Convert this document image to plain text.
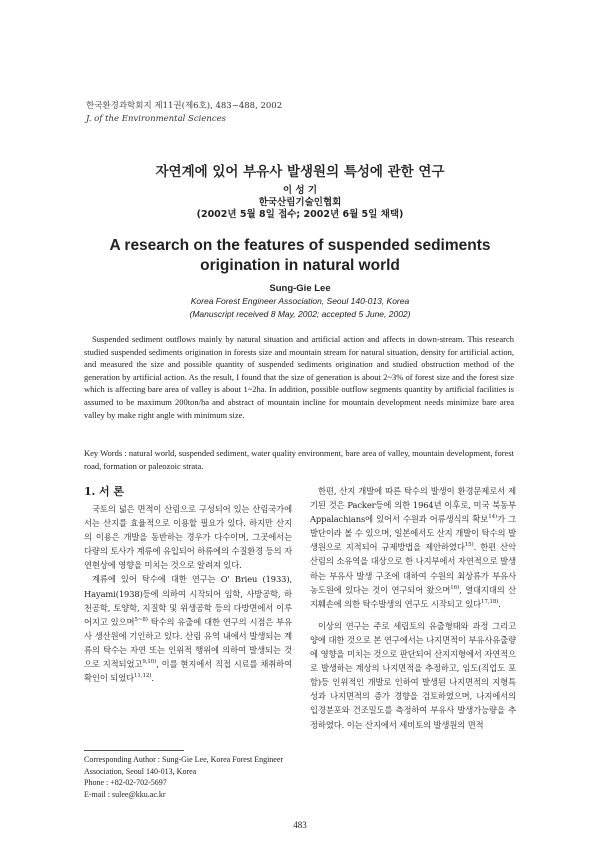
한국환경과학회지 제11권(제6호), 483~488, 2002
J. of the Environmental Sciences
자연계에 있어 부유사 발생원의 특성에 관한 연구
이 성 기
한국산림기술인협회
(2002년 5월 8일 접수; 2002년 6월 5일 채택)
A research on the features of suspended sediments
origination in natural world
Sung-Gie Lee
Korea Forest Engineer Association, Seoul 140-013, Korea
(Manuscript received 8 May, 2002; accepted 5 June, 2002)
Suspended sediment outflows mainly by natural situation and artificial action and affects in down-stream. This research studied suspended sediments origination in forests size and mountain stream for natural situation, density for artificial action, and measured the size and possible quantity of suspended sediments origination and studied obstruction method of the generation by artificial action. As the result, I found that the size of generation is about 2~3% of forest size and the forest size which is affecting bare area of valley is about 1~2ha. In addition, possible outflow segments quantity by artificial facilities is assumed to be maximum 200ton/ha and abstract of mountain incline for mountain development needs minimize bare area valley by make right angle with minimum size.
Key Words : natural world, suspended sediment, water quality environment, bare area of valley, mountain development, forest road, formation or paleozoic strata.
1. 서 론

국토의 넓은 면적이 산림으로 구성되어 있는 산림국가에서는 산지를 효율적으로 이용할 필요가 있다. 하지만 산지의 이용은 개발을 동반하는 경우가 다수이며, 그곳에서는 다량의 토사가 계류에 유입되어 하류에의 수질환경 등의 자연현상에 영향을 미치는 것으로 알려져 있다.

계류에 있어 탁수에 대한 연구는 O' Brieu (1933), Hayami(1938)등에 의하여 시작되어 임학, 사방공학, 하천공학, 토양학, 지질학 및 위생공학 등의 다방면에서 이루어지고 있으며$^{5\sim 8)}$ 탁수의 유출에 대한 연구의 시점은 부유사 생산원에 기인하고 있다. 산림 유역 내에서 발생되는 계류의 탁수는 자연 또는 인위적 행위에 의하여 발생되는 것으로 지적되었고$^{9,10)}$, 이를 현지에서 직접 시료를 채취하여 확인이 되었다$^{11,12)}$.

한편, 산지 개발에 따른 탁수의 발생이 환경문제로서 제기된 것은 Packer등에 의한 1964년 이후로, 미국 북동부 Appalachians에 있어서 수원과 어류생식의 확보$^{14)}$가 그 발단이라 볼 수 있으며, 일본에서도 산지 개발이 탁수의 발생원으로 지적되어 규제방법을 제안하였다$^{15)}$. 한편 산악산림의 소유역을 대상으로 한 나지부에서 자연적으로 발생하는 부유사 발생 구조에 대하여 수원의 최상류가 부유사농도원에 있다는 것이 연구되어 왔으며$^{16)}$, 열대지대의 산지훼손에 의한 탁수발생의 연구도 시작되고 있다$^{17,18)}$.

이상의 연구는 주로 세립토의 유출형태와 과정 그리고 양에 대한 것으로 본 연구에서는 나지면적이 부유사유출량에 영향을 미치는 것으로 판단되어 산지지형에서 자연적으로 발생하는 계상의 나지면적을 추정하고, 임도(직업도 포함)등 인위적인 개발로 인하여 발생된 나지면적의 지형특성과 나지면적의 증가 경향을 검토하였으며, 나지에서의 입경분포와 건조밀도를 측정하여 부유사 발생가능량을 추정하였다. 이는 산지에서 세비토의 발생원의 면적

Corresponding Author : Sung-Gie Lee, Korea Forest Engineer Association, Seoul 140-013, Korea
Phone : +82-02-702-5697
E-mail : sulee@kku.ac.kr
483
